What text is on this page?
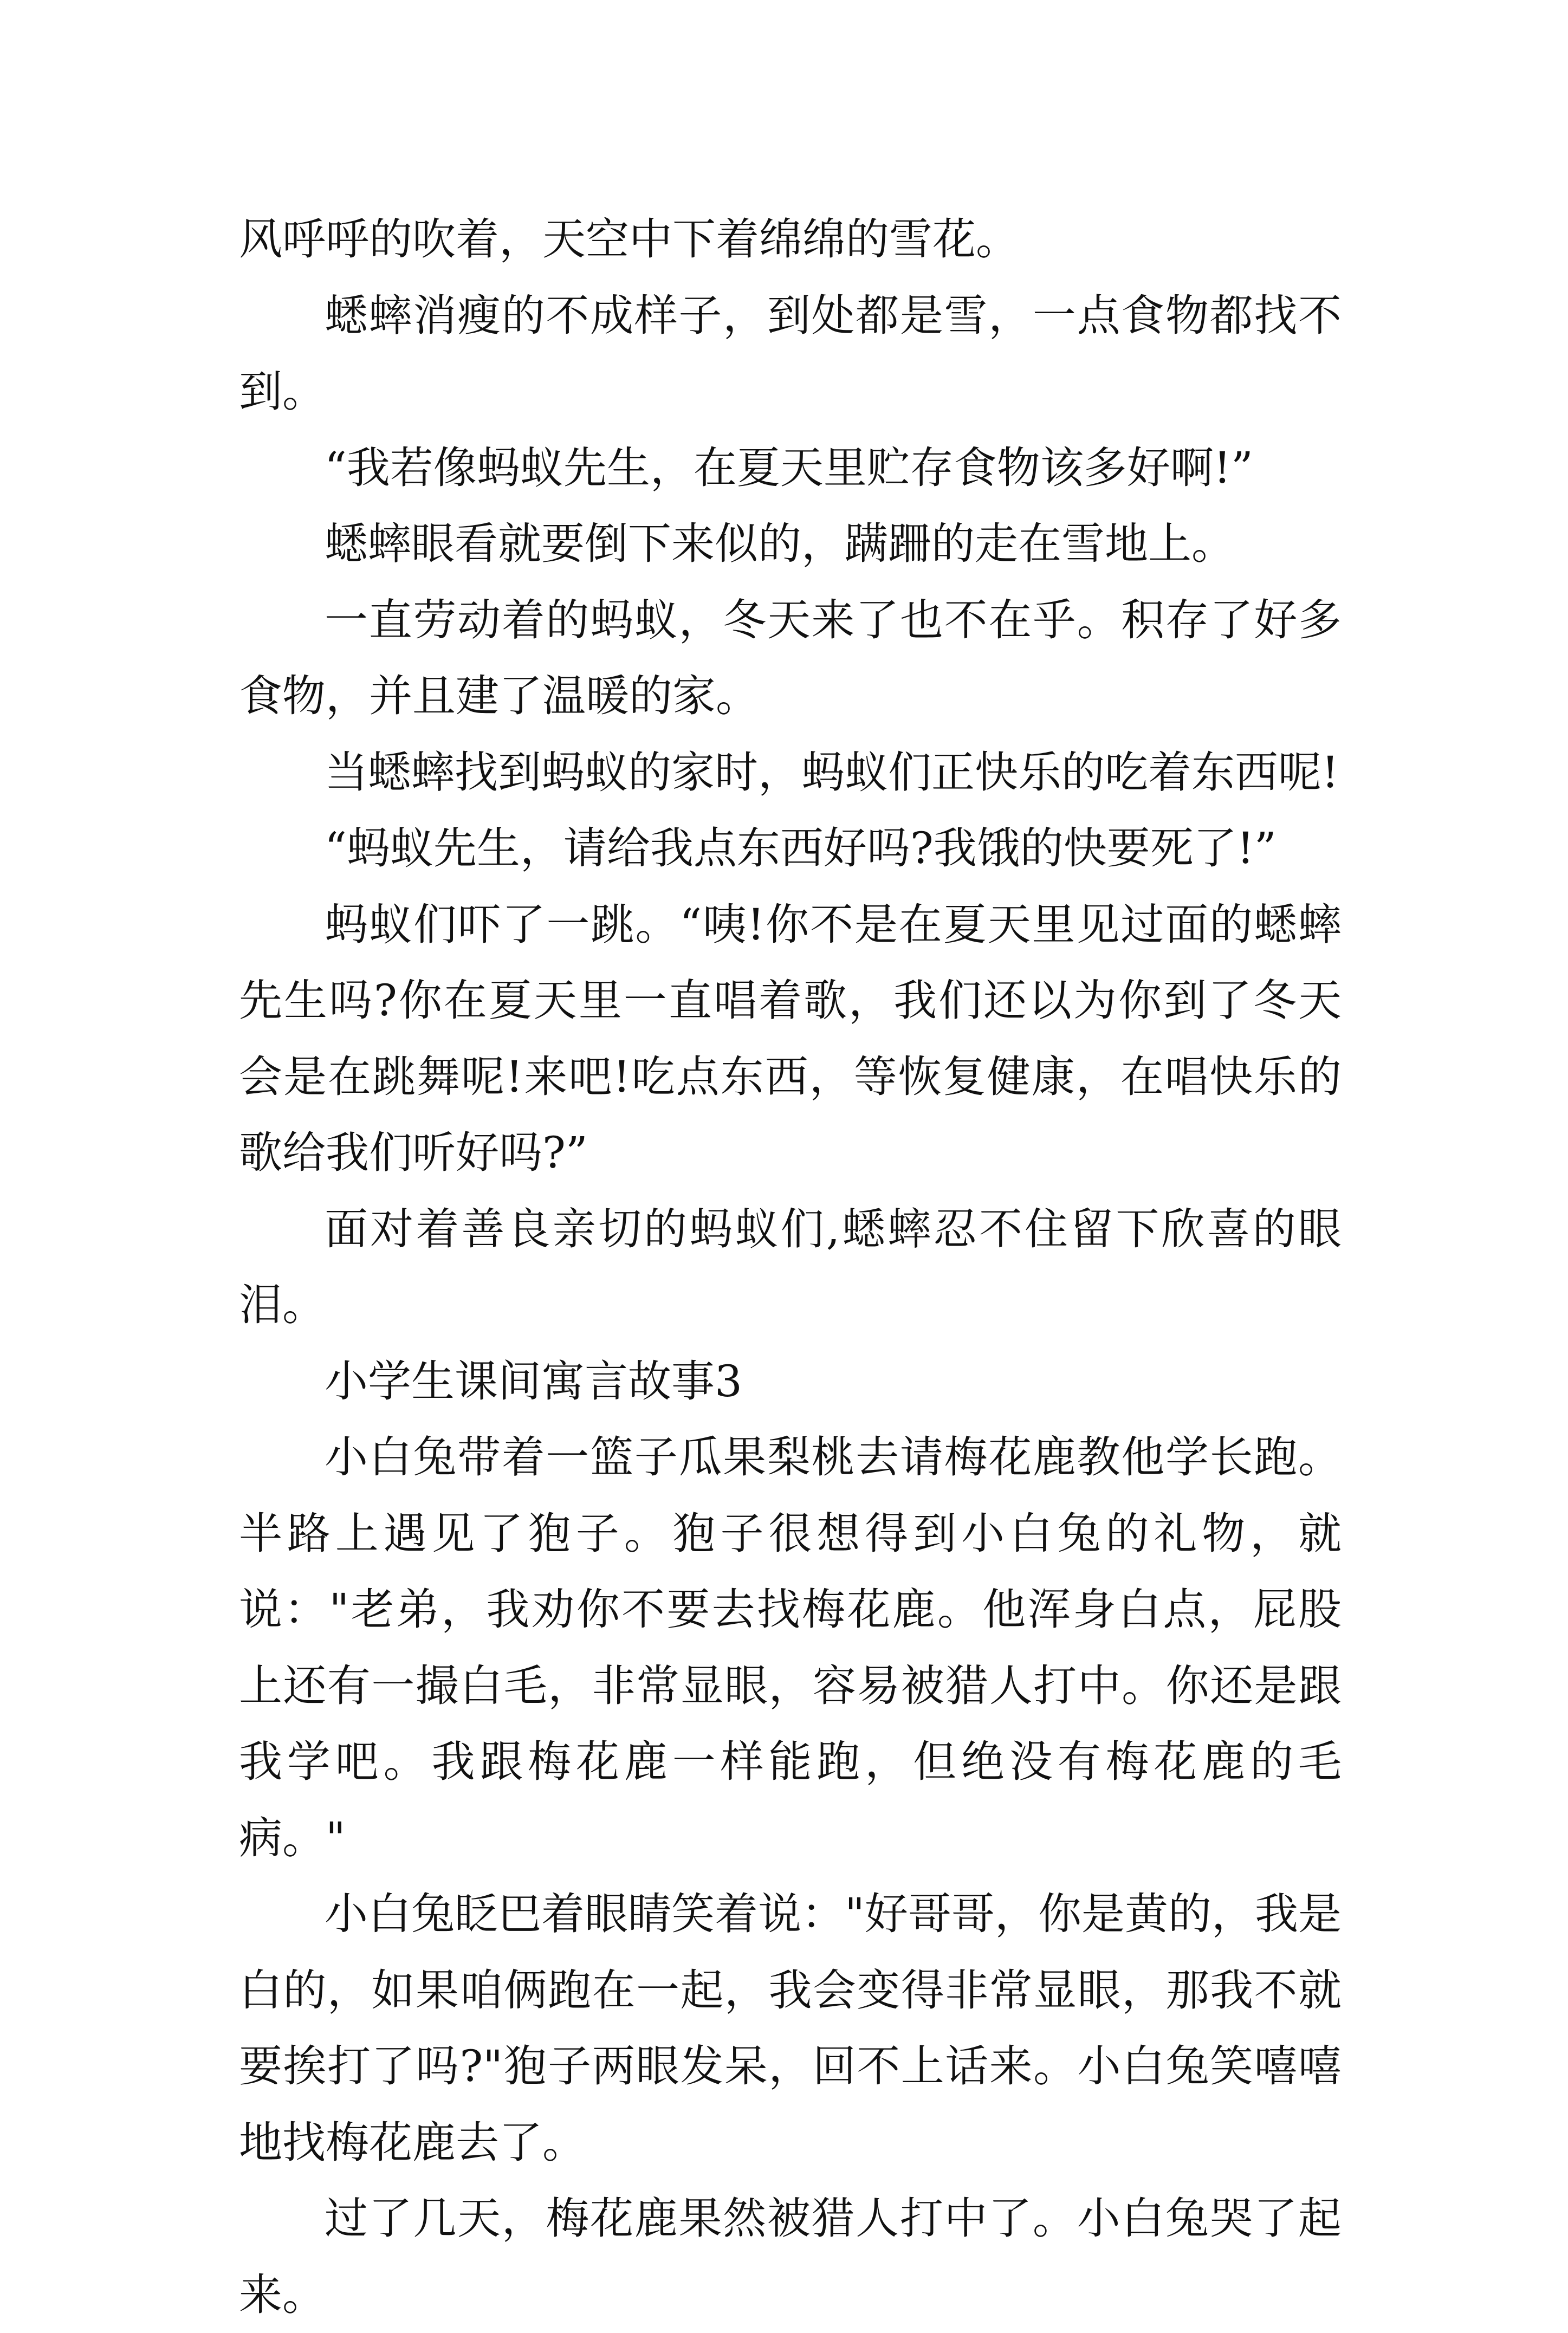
风呼呼的吹着，天空中下着绵绵的雪花。

蟋蟀消瘦的不成样子，到处都是雪，一点食物都找不到。

“我若像蚂蚁先生，在夏天里贮存食物该多好啊!”

蟋蟀眼看就要倒下来似的，蹒跚的走在雪地上。

一直劳动着的蚂蚁，冬天来了也不在乎。积存了好多食物，并且建了温暖的家。

当蟋蟀找到蚂蚁的家时，蚂蚁们正快乐的吃着东西呢!

“蚂蚁先生，请给我点东西好吗?我饿的快要死了!”

蚂蚁们吓了一跳。“咦!你不是在夏天里见过面的蟋蟀先生吗?你在夏天里一直唱着歌，我们还以为你到了冬天会是在跳舞呢!来吧!吃点东西，等恢复健康，在唱快乐的歌给我们听好吗?”

面对着善良亲切的蚂蚁们,蟋蟀忍不住留下欣喜的眼泪。

小学生课间寓言故事3

小白兔带着一篮子瓜果梨桃去请梅花鹿教他学长跑。半路上遇见了狍子。狍子很想得到小白兔的礼物，就说："老弟，我劝你不要去找梅花鹿。他浑身白点，屁股上还有一撮白毛，非常显眼，容易被猎人打中。你还是跟我学吧。我跟梅花鹿一样能跑，但绝没有梅花鹿的毛病。"

小白兔眨巴着眼睛笑着说："好哥哥，你是黄的，我是白的，如果咱俩跑在一起，我会变得非常显眼，那我不就要挨打了吗?"狍子两眼发呆，回不上话来。小白兔笑嘻嘻地找梅花鹿去了。

过了几天，梅花鹿果然被猎人打中了。小白兔哭了起来。
